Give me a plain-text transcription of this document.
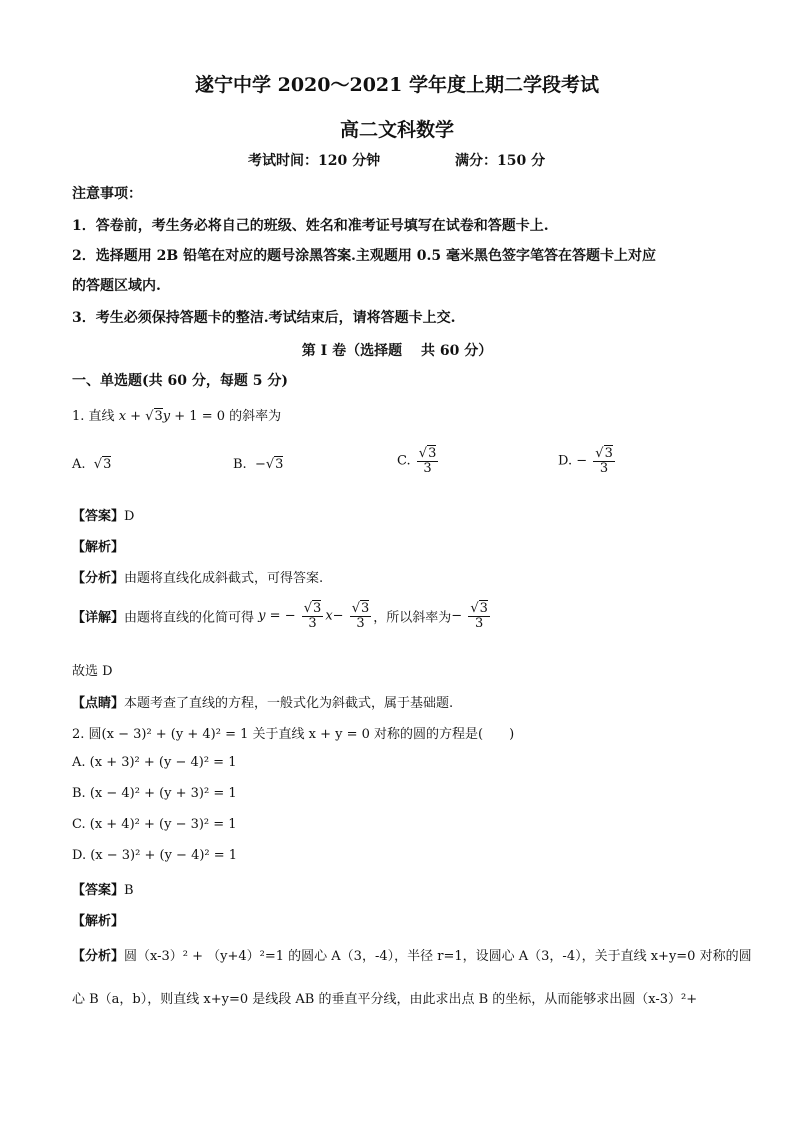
遂宁中学 2020～2021 学年度上期二学段考试
高二文科数学
考试时间：120 分钟	满分：150 分
注意事项：
1．答卷前，考生务必将自己的班级、姓名和准考证号填写在试卷和答题卡上.
2．选择题用 2B 铅笔在对应的题号涂黑答案.主观题用 0.5 毫米黑色签字笔答在答题卡上对应
的答题区域内.
3．考生必须保持答题卡的整洁.考试结束后，请将答题卡上交.
第 I 卷（选择题　 共 60 分）
一、单选题(共 60 分，每题 5 分)
1. 直线 x + √3y + 1 = 0 的斜率为
A.  √3	B. −√3	C. $\frac{√3}{3}$	D. − $\frac{√3}{3}$
【答案】D
【解析】
【分析】由题将直线化成斜截式，可得答案.
【详解】由题将直线的化简可得 y = − $\frac{√3}{3} x- \frac{√3}{3}$ ，所以斜率为− $\frac{√3}{3}$
故选 D
【点睛】本题考查了直线的方程，一般式化为斜截式，属于基础题.
2. 圆(x − 3)² + (y + 4)² = 1 关于直线 x + y = 0 对称的圆的方程是(　　)
A. (x + 3)² + (y − 4)² = 1
B. (x − 4)² + (y + 3)² = 1
C. (x + 4)² + (y − 3)² = 1
D. (x − 3)² + (y − 4)² = 1
【答案】B
【解析】
【分析】圆（x-3）² + （y+4）²=1 的圆心 A（3，-4），半径 r=1，设圆心 A（3，-4），关于直线 x+y=0 对称的圆
心 B（a，b），则直线 x+y=0 是线段 AB 的垂直平分线，由此求出点 B 的坐标，从而能够求出圆（x-3）²+
